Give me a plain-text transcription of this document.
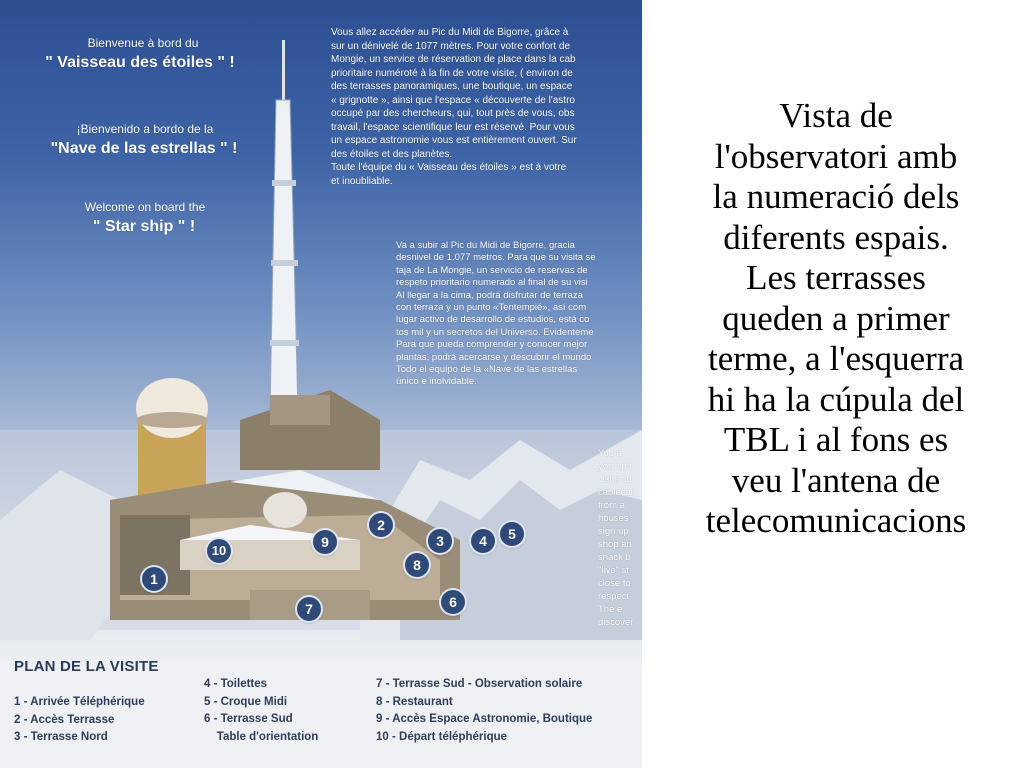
Bienvenue à bord du
" Vaisseau des étoiles " !
¡Bienvenido a bordo de la
"Nave de las estrellas " !
Welcome on board the
" Star ship " !
Vous allez accéder au Pic du Midi de Bigorre, grâce à
sur un dénivelé de 1077 mètres. Pour votre confort de
Mongie, un service de réservation de place dans la cab
prioritaire numéroté à la fin de votre visite, ( environ de
des terrasses panoramiques, une boutique, un espace
« grignotte », ainsi que l'espace « découverte de l'astro
occupé par des chercheurs, qui, tout près de vous, obs
travail, l'espace scientifique leur est réservé. Pour vous
un espace astronomie vous est entièrement ouvert. Sur
des étoiles et des planètes.
Toute l'équipe du « Vaisseau des étoiles » est à votre
et inoubliable.
Va a subir al Pic du Midi de Bigorre, gracia
desnivel de 1.077 metros. Para que su visita se
taja de La Mongie, un servicio de reservas de
respeto prioritario numerado al final de su visi
Al llegar a la cima, podrá disfrutar de terraza
con terraza y un punto «Tentempié», así com
lugar activo de desarrollo de estudios, está co
tos mil y un secretos del Universo. Evidenteme
Para que pueda comprender y conocer mejor
plantas, podrá acercarse y descubrir el mundo
Todo el equipo de la «Nave de las estrellas
único e inolvidable.
You a
you up t
visits cu
cablecar
from a
houses
sign up
shop an
snack b
"live" st
close to
respect
The e
discover
1
2
3	4	5
6
7
8
9
10
PLAN DE LA VISITE
1 - Arrivée Téléphérique
2 - Accès Terrasse
3 - Terrasse Nord
4 - Toilettes
5 - Croque Midi
6 - Terrasse Sud
Table d'orientation
7 - Terrasse Sud - Observation solaire
8 - Restaurant
9 - Accès Espace Astronomie, Boutique
10 - Départ téléphérique
Vista de
l'observatori amb
la numeració dels
diferents espais.
Les terrasses
queden a primer
terme, a l'esquerra
hi ha la cúpula del
TBL i al fons es
veu l'antena de
telecomunicacions
